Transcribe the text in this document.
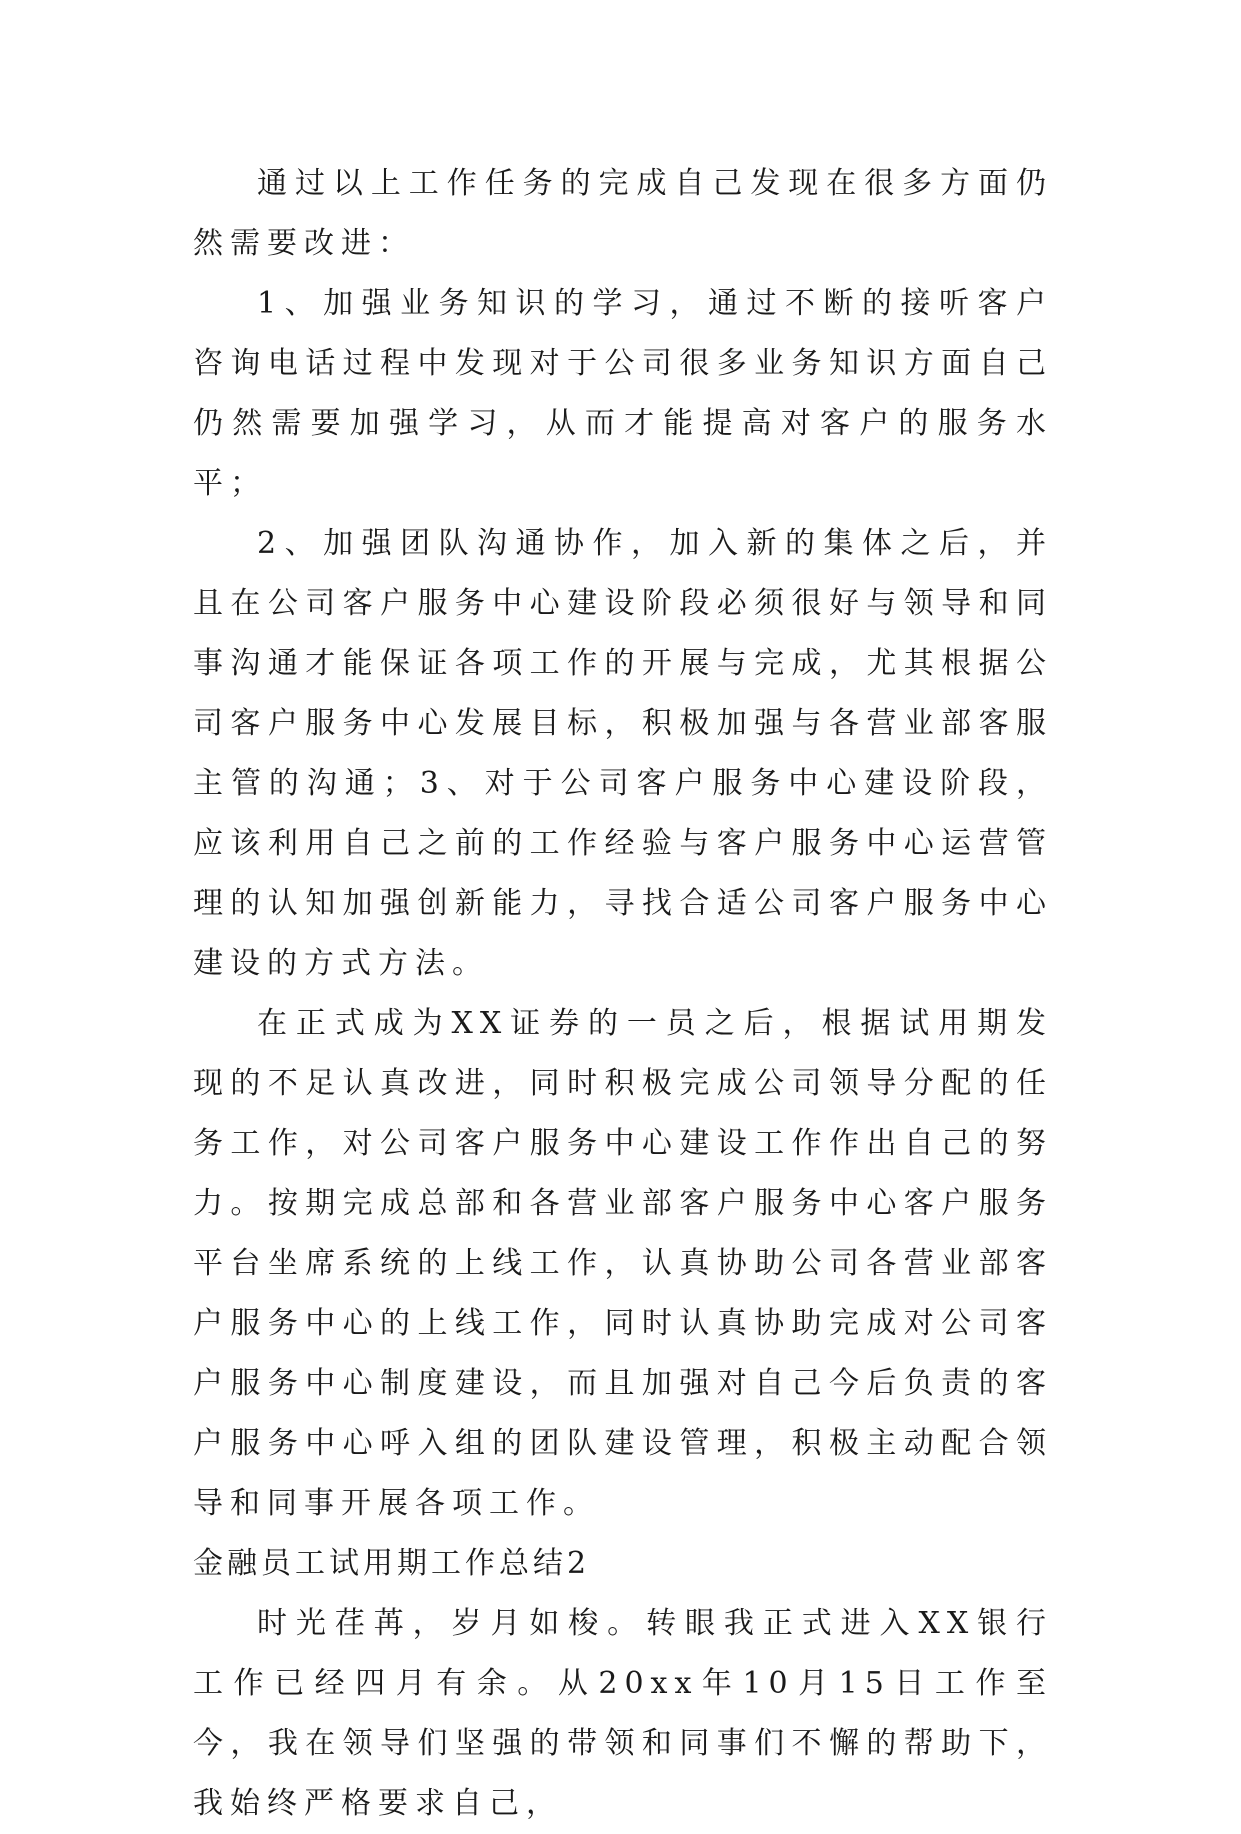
通过以上工作任务的完成自己发现在很多方面仍然需要改进：

1、加强业务知识的学习，通过不断的接听客户咨询电话过程中发现对于公司很多业务知识方面自己仍然需要加强学习，从而才能提高对客户的服务水平；

2、加强团队沟通协作，加入新的集体之后，并且在公司客户服务中心建设阶段必须很好与领导和同事沟通才能保证各项工作的开展与完成，尤其根据公司客户服务中心发展目标，积极加强与各营业部客服主管的沟通；3、对于公司客户服务中心建设阶段，应该利用自己之前的工作经验与客户服务中心运营管理的认知加强创新能力，寻找合适公司客户服务中心建设的方式方法。

在正式成为XX证券的一员之后，根据试用期发现的不足认真改进，同时积极完成公司领导分配的任务工作，对公司客户服务中心建设工作作出自己的努力。按期完成总部和各营业部客户服务中心客户服务平台坐席系统的上线工作，认真协助公司各营业部客户服务中心的上线工作，同时认真协助完成对公司客户服务中心制度建设，而且加强对自己今后负责的客户服务中心呼入组的团队建设管理，积极主动配合领导和同事开展各项工作。

金融员工试用期工作总结2

时光荏苒，岁月如梭。转眼我正式进入XX银行工作已经四月有余。从20xx年10月15日工作至今，我在领导们坚强的带领和同事们不懈的帮助下，我始终严格要求自己，
